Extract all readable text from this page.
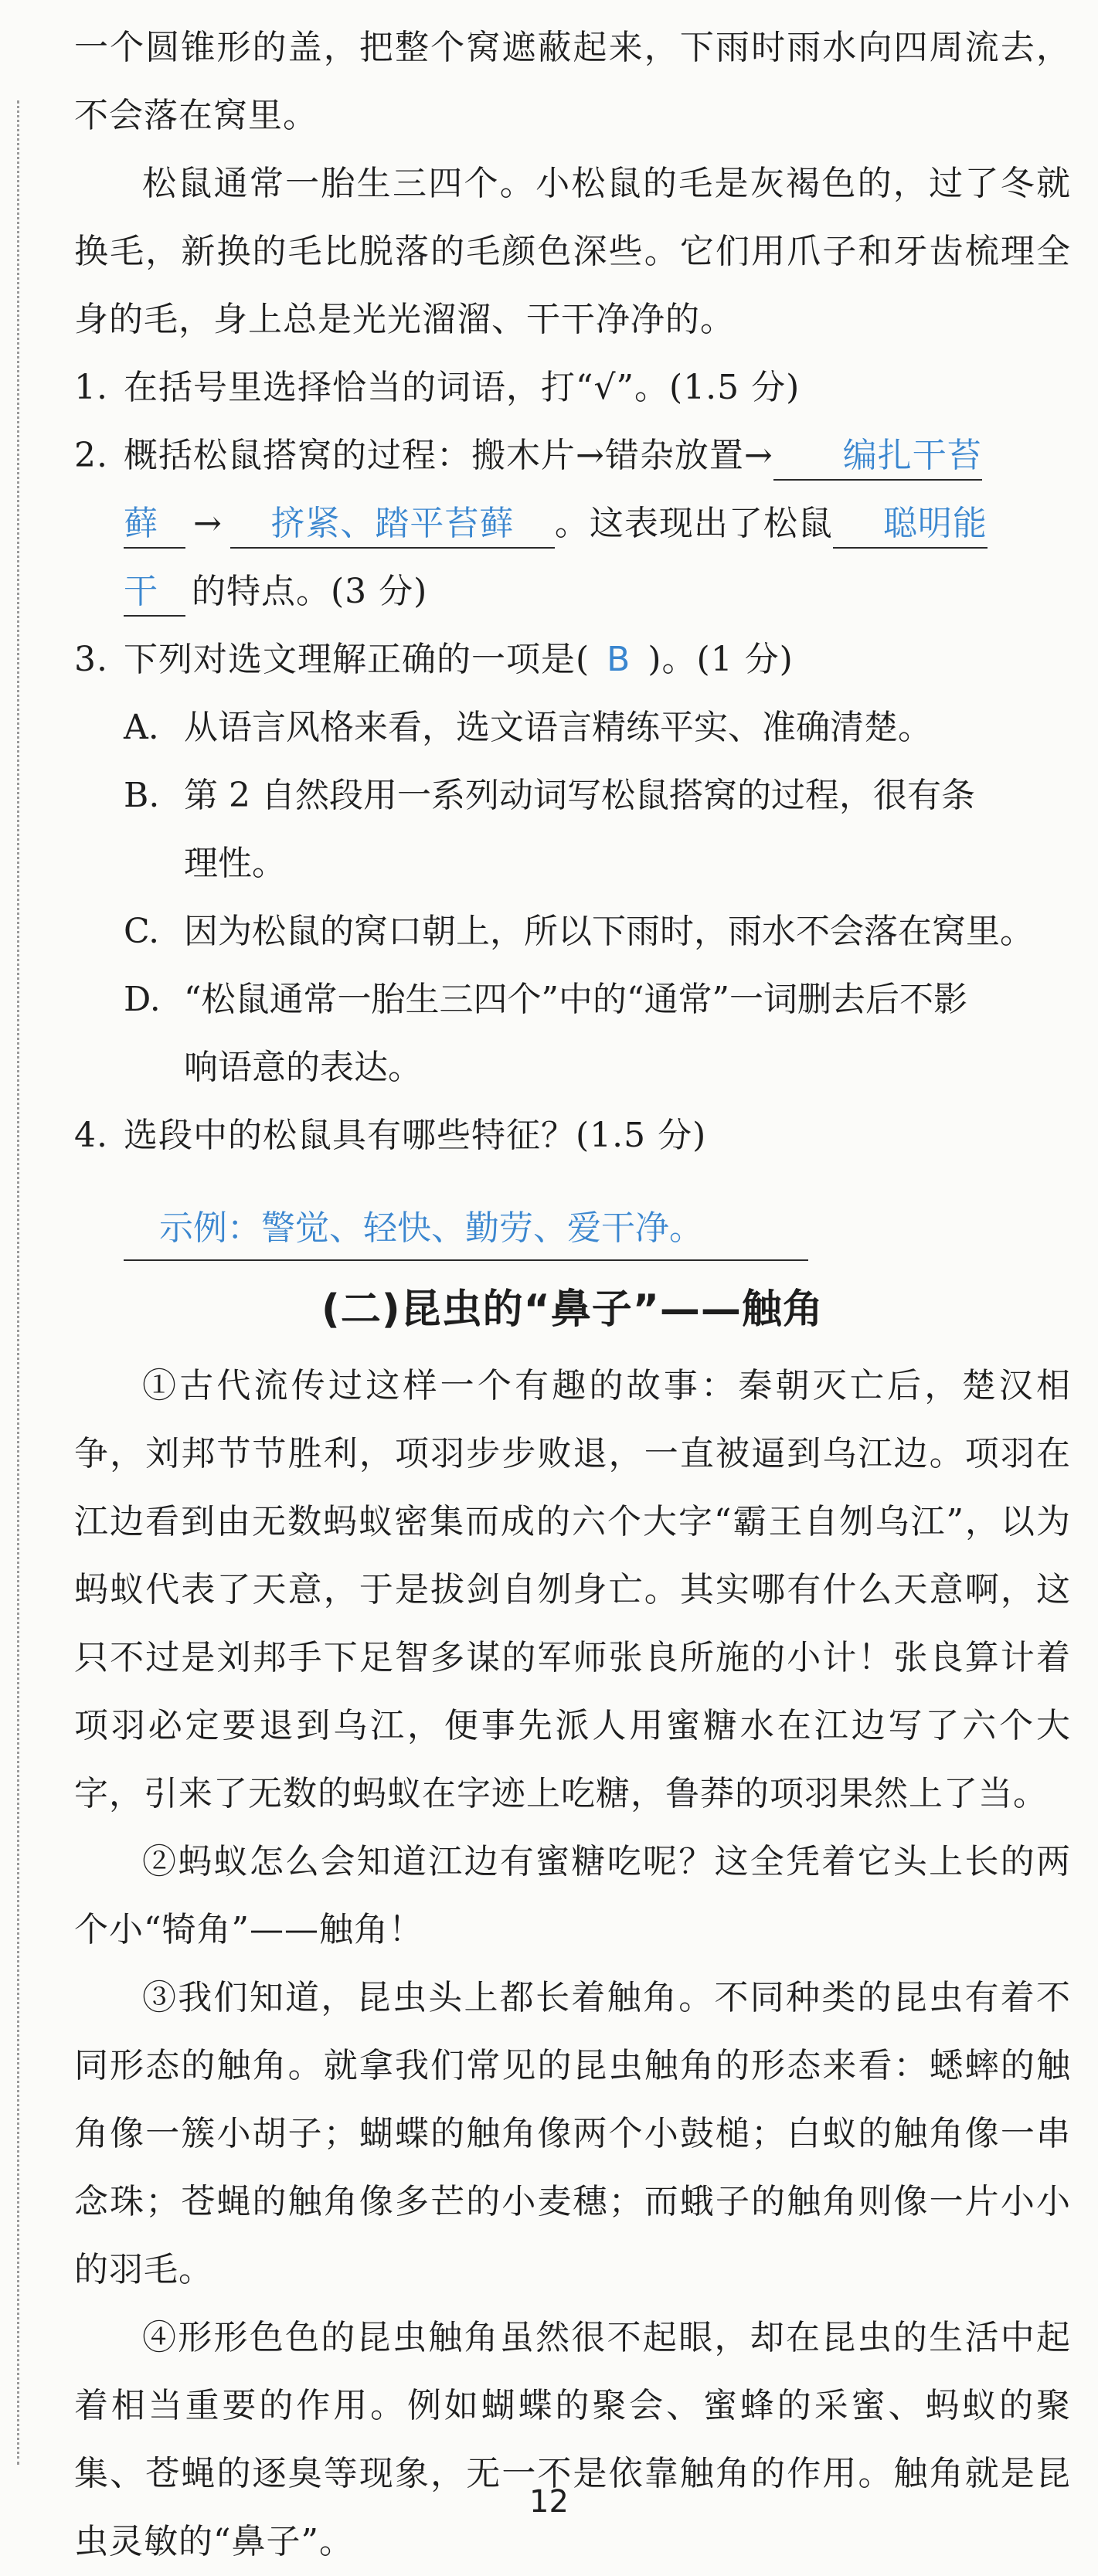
一个圆锥形的盖，把整个窝遮蔽起来，下雨时雨水向四周流去，不会落在窝里。

松鼠通常一胎生三四个。小松鼠的毛是灰褐色的，过了冬就换毛，新换的毛比脱落的毛颜色深些。它们用爪子和牙齿梳理全身的毛，身上总是光光溜溜、干干净净的。

1. 在括号里选择恰当的词语，打“√”。(1.5 分)
2. 概括松鼠搭窝的过程：搬木片→错杂放置→ 编扎干苔
藓 → 挤紧、踏平苔藓 。这表现出了松鼠 聪明能
干 的特点。(3 分)
3. 下列对选文理解正确的一项是( B )。(1 分)
A. 从语言风格来看，选文语言精练平实、准确清楚。
B. 第 2 自然段用一系列动词写松鼠搭窝的过程，很有条
理性。
C. 因为松鼠的窝口朝上，所以下雨时，雨水不会落在窝里。
D. “松鼠通常一胎生三四个”中的“通常”一词删去后不影
响语意的表达。
4. 选段中的松鼠具有哪些特征？(1.5 分)
示例：警觉、轻快、勤劳、爱干净。
(二)昆虫的“鼻子”——触角

①古代流传过这样一个有趣的故事：秦朝灭亡后，楚汉相争，刘邦节节胜利，项羽步步败退，一直被逼到乌江边。项羽在江边看到由无数蚂蚁密集而成的六个大字“霸王自刎乌江”，以为蚂蚁代表了天意，于是拔剑自刎身亡。其实哪有什么天意啊，这只不过是刘邦手下足智多谋的军师张良所施的小计！张良算计着项羽必定要退到乌江，便事先派人用蜜糖水在江边写了六个大字，引来了无数的蚂蚁在字迹上吃糖，鲁莽的项羽果然上了当。

②蚂蚁怎么会知道江边有蜜糖吃呢？这全凭着它头上长的两个小“犄角”——触角！

③我们知道，昆虫头上都长着触角。不同种类的昆虫有着不同形态的触角。就拿我们常见的昆虫触角的形态来看：蟋蟀的触角像一簇小胡子；蝴蝶的触角像两个小鼓槌；白蚁的触角像一串念珠；苍蝇的触角像多芒的小麦穗；而蛾子的触角则像一片小小的羽毛。

④形形色色的昆虫触角虽然很不起眼，却在昆虫的生活中起着相当重要的作用。例如蝴蝶的聚会、蜜蜂的采蜜、蚂蚁的聚集、苍蝇的逐臭等现象，无一不是依靠触角的作用。触角就是昆虫灵敏的“鼻子”。

12
